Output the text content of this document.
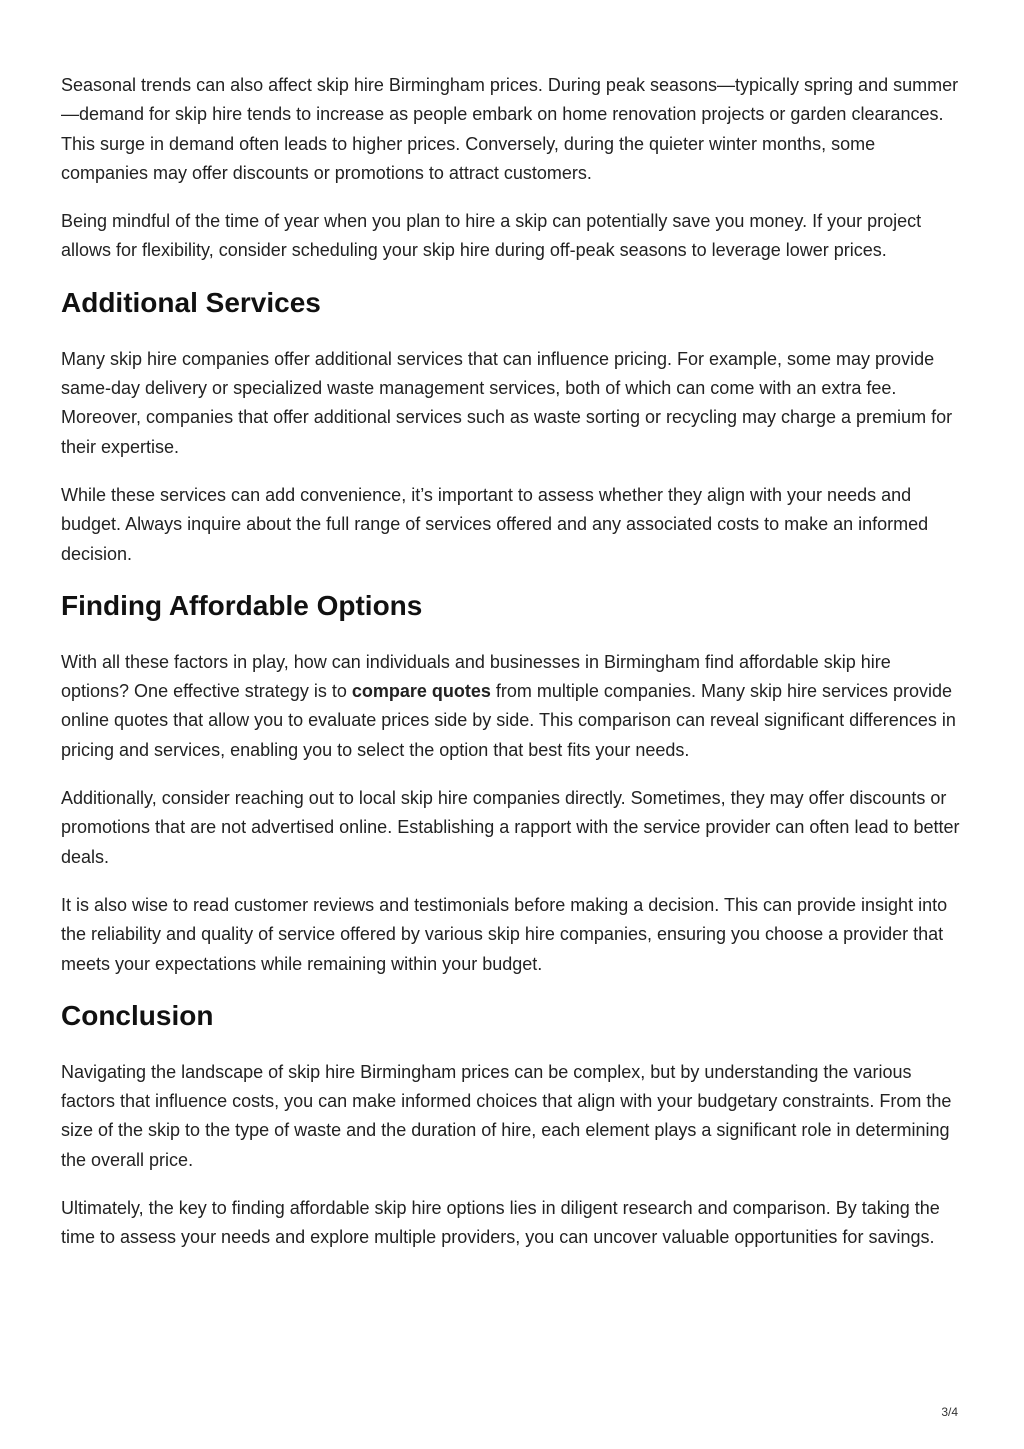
Seasonal trends can also affect skip hire Birmingham prices. During peak seasons—typically spring and summer—demand for skip hire tends to increase as people embark on home renovation projects or garden clearances. This surge in demand often leads to higher prices. Conversely, during the quieter winter months, some companies may offer discounts or promotions to attract customers.

Being mindful of the time of year when you plan to hire a skip can potentially save you money. If your project allows for flexibility, consider scheduling your skip hire during off-peak seasons to leverage lower prices.

Additional Services

Many skip hire companies offer additional services that can influence pricing. For example, some may provide same-day delivery or specialized waste management services, both of which can come with an extra fee. Moreover, companies that offer additional services such as waste sorting or recycling may charge a premium for their expertise.

While these services can add convenience, it’s important to assess whether they align with your needs and budget. Always inquire about the full range of services offered and any associated costs to make an informed decision.

Finding Affordable Options

With all these factors in play, how can individuals and businesses in Birmingham find affordable skip hire options? One effective strategy is to compare quotes from multiple companies. Many skip hire services provide online quotes that allow you to evaluate prices side by side. This comparison can reveal significant differences in pricing and services, enabling you to select the option that best fits your needs.

Additionally, consider reaching out to local skip hire companies directly. Sometimes, they may offer discounts or promotions that are not advertised online. Establishing a rapport with the service provider can often lead to better deals.

It is also wise to read customer reviews and testimonials before making a decision. This can provide insight into the reliability and quality of service offered by various skip hire companies, ensuring you choose a provider that meets your expectations while remaining within your budget.

Conclusion

Navigating the landscape of skip hire Birmingham prices can be complex, but by understanding the various factors that influence costs, you can make informed choices that align with your budgetary constraints. From the size of the skip to the type of waste and the duration of hire, each element plays a significant role in determining the overall price.

Ultimately, the key to finding affordable skip hire options lies in diligent research and comparison. By taking the time to assess your needs and explore multiple providers, you can uncover valuable opportunities for savings.

3/4
